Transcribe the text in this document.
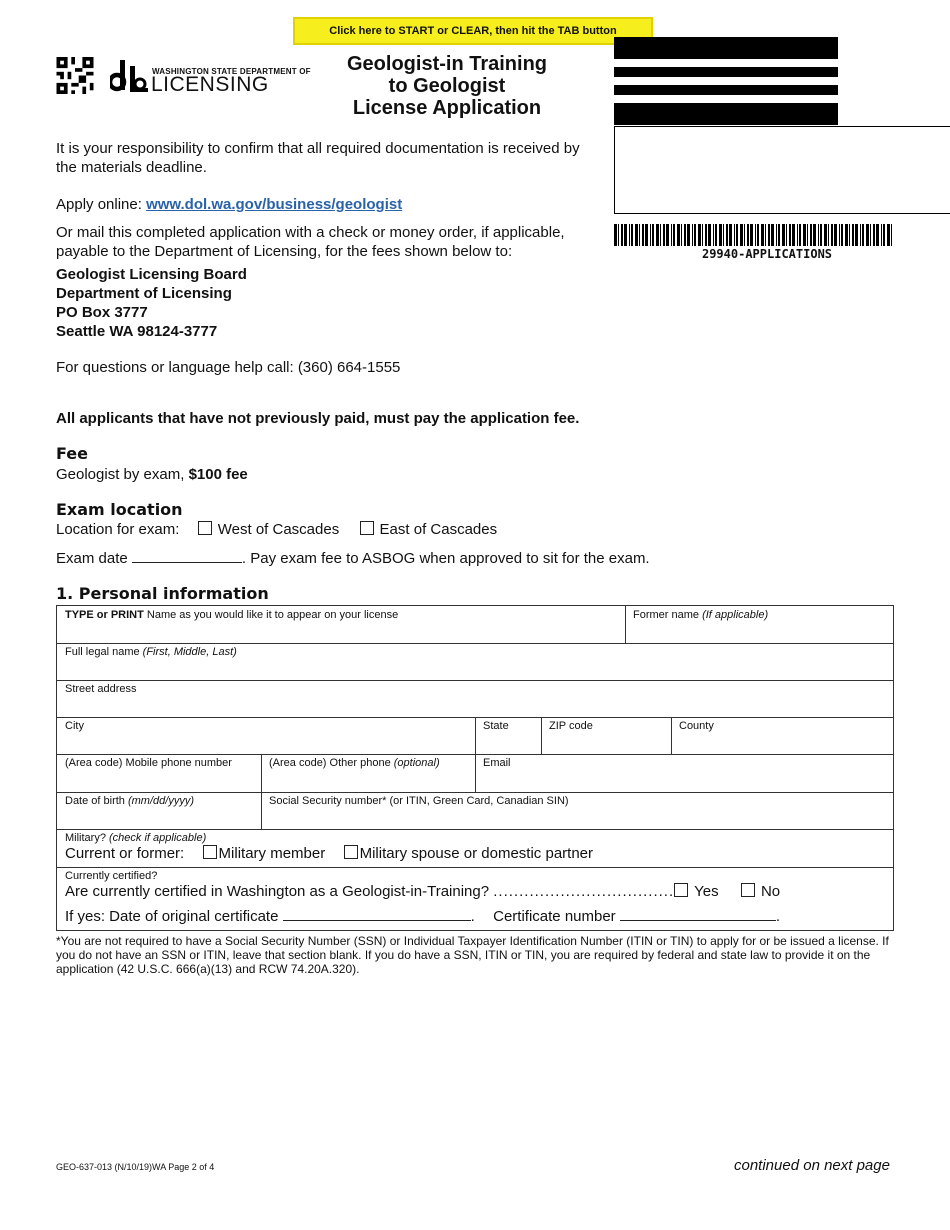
Click here to START or CLEAR, then hit the TAB button
WASHINGTON STATE DEPARTMENT OF
LICENSING
Geologist-in Training
to Geologist
License Application
29940-APPLICATIONS
It is your responsibility to confirm that all required documentation is received by the materials deadline.
Apply online: www.dol.wa.gov/business/geologist
Or mail this completed application with a check or money order, if applicable, payable to the Department of Licensing, for the fees shown below to:
Geologist Licensing Board
Department of Licensing
PO Box 3777
Seattle WA 98124-3777
For questions or language help call: (360) 664-1555
All applicants that have not previously paid, must pay the application fee.
Fee
Geologist by exam, $100 fee
Exam location
Location for exam:	West of Cascades	East of Cascades
Exam date	. Pay exam fee to ASBOG when approved to sit for the exam.
1. Personal information
TYPE or PRINT Name as you would like it to appear on your license	Former name (If applicable)
Full legal name (First, Middle, Last)
Street address
City	State	ZIP code	County
(Area code) Mobile phone number	(Area code) Other phone (optional)	Email
Date of birth (mm/dd/yyyy)	Social Security number* (or ITIN, Green Card, Canadian SIN)
Military? (check if applicable)
Current or former: Military member Military spouse or domestic partner
Currently certified?
Are currently certified in Washington as a Geologist-in-Training? ................................... Yes	No
If yes: Date of original certificate	.  Certificate number	.
*You are not required to have a Social Security Number (SSN) or Individual Taxpayer Identification Number (ITIN or TIN) to apply for or be issued a license. If you do not have an SSN or ITIN, leave that section blank. If you do have a SSN, ITIN or TIN, you are required by federal and state law to provide it on the application (42 U.S.C. 666(a)(13) and RCW 74.20A.320).
GEO-637-013 (N/10/19)WA Page 2 of 4	continued on next page
